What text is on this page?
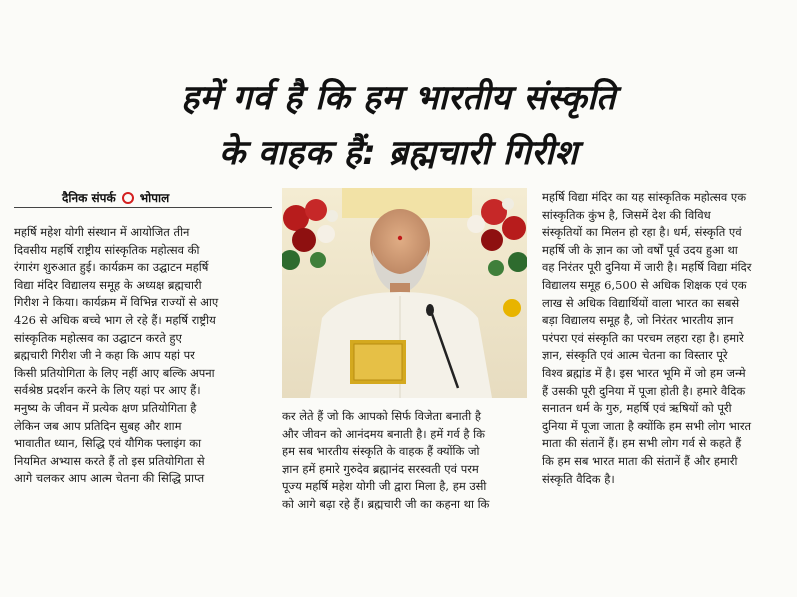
हमें गर्व है कि हम भारतीय संस्कृति
के वाहक हैं: ब्रह्मचारी गिरीश
दैनिक संपर्क भोपाल
महर्षि महेश योगी संस्थान में आयोजित तीन
दिवसीय महर्षि राष्ट्रीय सांस्कृतिक महोत्सव की
रंगारंग शुरुआत हुई। कार्यक्रम का उद्घाटन महर्षि
विद्या मंदिर विद्यालय समूह के अध्यक्ष ब्रह्मचारी
गिरीश ने किया। कार्यक्रम में विभिन्न राज्यों से आए
426 से अधिक बच्चे भाग ले रहे हैं। महर्षि राष्ट्रीय
सांस्कृतिक महोत्सव का उद्घाटन करते हुए
ब्रह्मचारी गिरीश जी ने कहा कि आप यहां पर
किसी प्रतियोगिता के लिए नहीं आए बल्कि अपना
सर्वश्रेष्ठ प्रदर्शन करने के लिए यहां पर आए हैं।
मनुष्य के जीवन में प्रत्येक क्षण प्रतियोगिता है
लेकिन जब आप प्रतिदिन सुबह और शाम
भावातीत ध्यान, सिद्धि एवं यौगिक फ्लाइंग का
नियमित अभ्यास करते हैं तो इस प्रतियोगिता से
आगे चलकर आप आत्म चेतना की सिद्धि प्राप्त
कर लेते हैं जो कि आपको सिर्फ विजेता बनाती है
और जीवन को आनंदमय बनाती है। हमें गर्व है कि
हम सब भारतीय संस्कृति के वाहक हैं क्योंकि जो
ज्ञान हमें हमारे गुरुदेव ब्रह्मानंद सरस्वती एवं परम
पूज्य महर्षि महेश योगी जी द्वारा मिला है, हम उसी
को आगे बढ़ा रहे हैं। ब्रह्मचारी जी का कहना था कि
महर्षि विद्या मंदिर का यह सांस्कृतिक महोत्सव एक
सांस्कृतिक कुंभ है, जिसमें देश की विविध
संस्कृतियों का मिलन हो रहा है। धर्म, संस्कृति एवं
महर्षि जी के ज्ञान का जो वर्षों पूर्व उदय हुआ था
वह निरंतर पूरी दुनिया में जारी है। महर्षि विद्या मंदिर
विद्यालय समूह 6,500 से अधिक शिक्षक एवं एक
लाख से अधिक विद्यार्थियों वाला भारत का सबसे
बड़ा विद्यालय समूह है, जो निरंतर भारतीय ज्ञान
परंपरा एवं संस्कृति का परचम लहरा रहा है। हमारे
ज्ञान, संस्कृति एवं आत्म चेतना का विस्तार पूरे
विश्व ब्रह्मांड में है। इस भारत भूमि में जो हम जन्मे
हैं उसकी पूरी दुनिया में पूजा होती है। हमारे वैदिक
सनातन धर्म के गुरु, महर्षि एवं ऋषियों को पूरी
दुनिया में पूजा जाता है क्योंकि हम सभी लोग भारत
माता की संतानें हैं। हम सभी लोग गर्व से कहते हैं
कि हम सब भारत माता की संतानें हैं और हमारी
संस्कृति वैदिक है।
